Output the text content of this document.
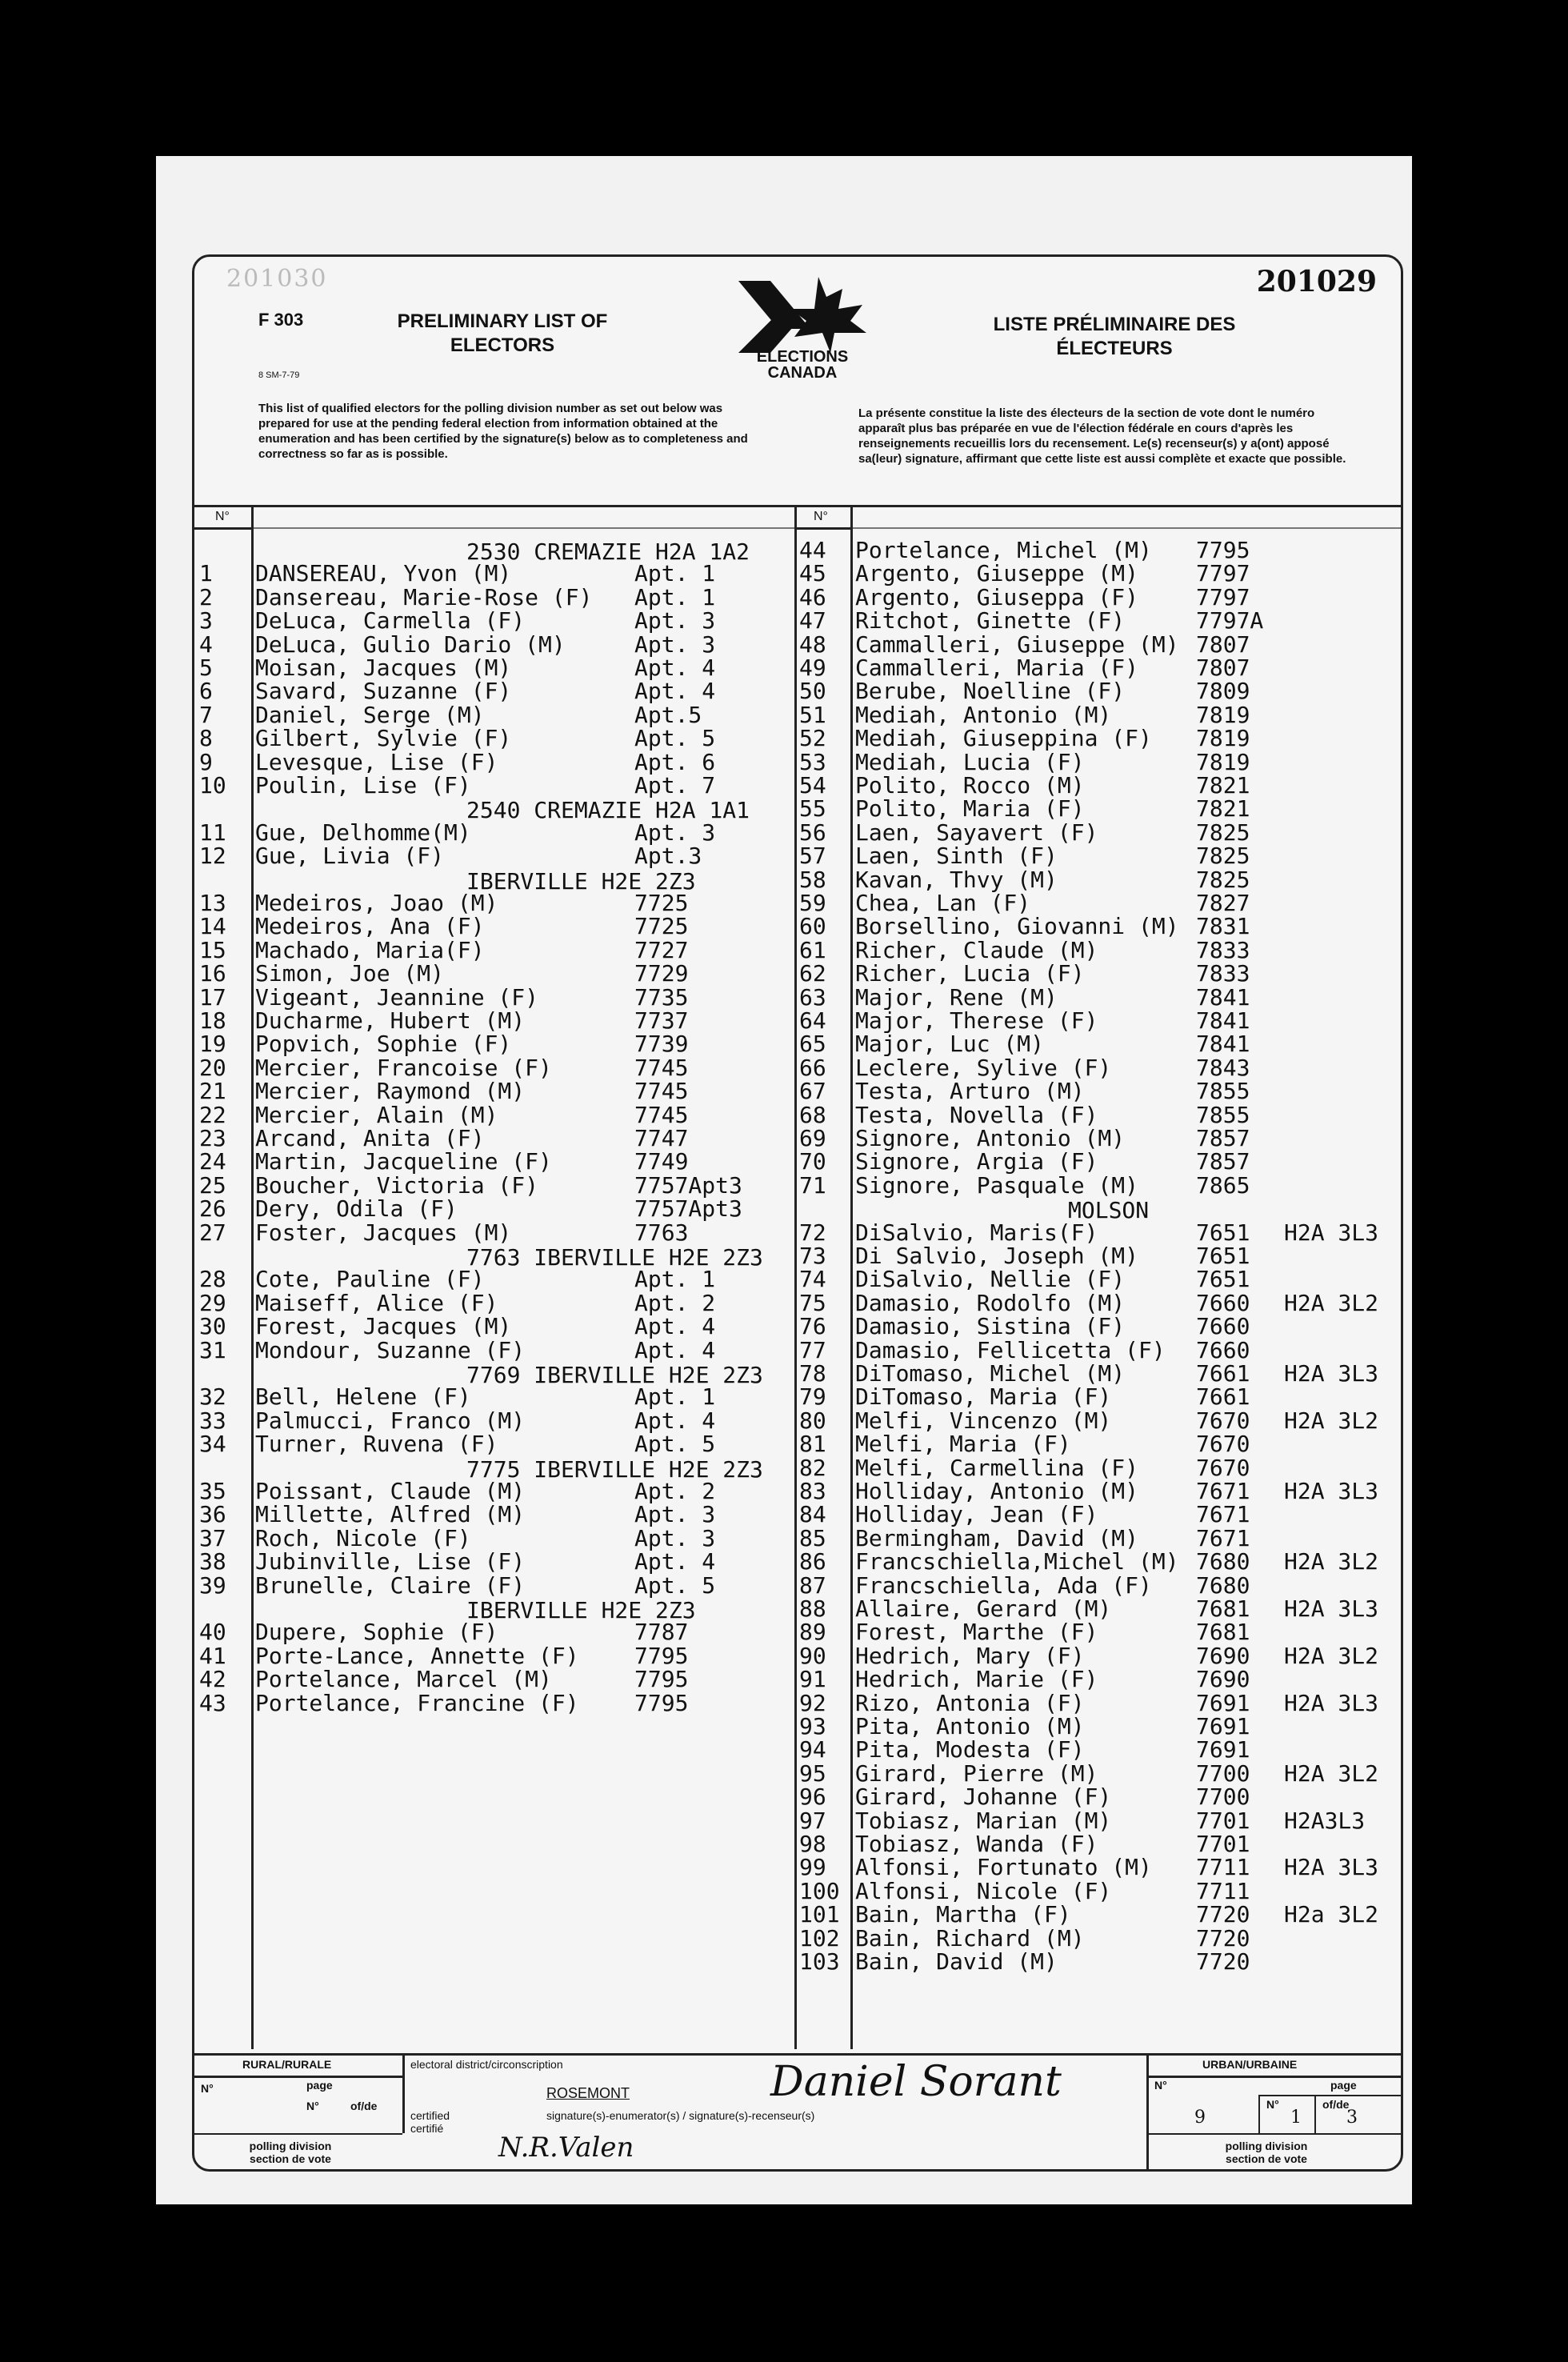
201030	201029
F 303
8 SM-7-79
PRELIMINARY LIST OF ELECTORS
ELECTIONS CANADA
LISTE PRÉLIMINAIRE DES ÉLECTEURS
This list of qualified electors for the polling division number as set out below was prepared for use at the pending federal election from information obtained at the enumeration and has been certified by the signature(s) below as to completeness and correctness so far as is possible.
La présente constitue la liste des électeurs de la section de vote dont le numéro apparaît plus bas préparée en vue de l'élection fédérale en cours d'après les renseignements recueillis lors du recensement. Le(s) recenseur(s) y a(ont) apposé sa(leur) signature, affirmant que cette liste est aussi complète et exacte que possible.
N°	N°
2530 CREMAZIE H2A 1A2
1 DANSEREAU, Yvon (M)	Apt. 1
2 Dansereau, Marie-Rose (F) Apt. 1
3 DeLuca, Carmella (F)	Apt. 3
4 DeLuca, Gulio Dario (M)	Apt. 3
5 Moisan, Jacques (M)	Apt. 4
6 Savard, Suzanne (F)	Apt. 4
7 Daniel, Serge (M)	Apt.5
8 Gilbert, Sylvie (F)	Apt. 5
9 Levesque, Lise (F)	Apt. 6
10 Poulin, Lise (F)	Apt. 7
2540 CREMAZIE H2A 1A1
11 Gue, Delhomme(M)	Apt. 3
12 Gue, Livia (F)	Apt.3
IBERVILLE H2E 2Z3
13 Medeiros, Joao (M)	7725
14 Medeiros, Ana (F)	7725
15 Machado, Maria(F)	7727
16 Simon, Joe (M)	7729
17 Vigeant, Jeannine (F)	7735
18 Ducharme, Hubert (M)	7737
19 Popvich, Sophie (F)	7739
20 Mercier, Francoise (F)	7745
21 Mercier, Raymond (M)	7745
22 Mercier, Alain (M)	7745
23 Arcand, Anita (F)	7747
24 Martin, Jacqueline (F)	7749
25 Boucher, Victoria (F)	7757Apt3
26 Dery, Odila (F)	7757Apt3
27 Foster, Jacques (M)	7763
7763 IBERVILLE H2E 2Z3
28 Cote, Pauline (F)	Apt. 1
29 Maiseff, Alice (F)	Apt. 2
30 Forest, Jacques (M)	Apt. 4
31 Mondour, Suzanne (F)	Apt. 4
7769 IBERVILLE H2E 2Z3
32 Bell, Helene (F)	Apt. 1
33 Palmucci, Franco (M)	Apt. 4
34 Turner, Ruvena (F)	Apt. 5
7775 IBERVILLE H2E 2Z3
35 Poissant, Claude (M)	Apt. 2
36 Millette, Alfred (M)	Apt. 3
37 Roch, Nicole (F)	Apt. 3
38 Jubinville, Lise (F)	Apt. 4
39 Brunelle, Claire (F)	Apt. 5
IBERVILLE H2E 2Z3
40 Dupere, Sophie (F)	7787
41 Porte-Lance, Annette (F) 7795
42 Portelance, Marcel (M)	7795
43 Portelance, Francine (F) 7795
44 Portelance, Michel (M) 7795
45 Argento, Giuseppe (M)	7797
46 Argento, Giuseppa (F)	7797
47 Ritchot, Ginette (F)	7797A
48 Cammalleri, Giuseppe (M) 7807
49 Cammalleri, Maria (F)	7807
50 Berube, Noelline (F)	7809
51 Mediah, Antonio (M)	7819
52 Mediah, Giuseppina (F) 7819
53 Mediah, Lucia (F)	7819
54 Polito, Rocco (M)	7821
55 Polito, Maria (F)	7821
56 Laen, Sayavert (F)	7825
57 Laen, Sinth (F)	7825
58 Kavan, Thvy (M)	7825
59 Chea, Lan (F)	7827
60 Borsellino, Giovanni (M) 7831
61 Richer, Claude (M)	7833
62 Richer, Lucia (F)	7833
63 Major, Rene (M)	7841
64 Major, Therese (F)	7841
65 Major, Luc (M)	7841
66 Leclere, Sylive (F)	7843
67 Testa, Arturo (M)	7855
68 Testa, Novella (F)	7855
69 Signore, Antonio (M)	7857
70 Signore, Argia (F)	7857
71 Signore, Pasquale (M)	7865
MOLSON
72 DiSalvio, Maris(F)	7651 H2A 3L3
73 Di Salvio, Joseph (M)	7651
74 DiSalvio, Nellie (F)	7651
75 Damasio, Rodolfo (M)	7660 H2A 3L2
76 Damasio, Sistina (F)	7660
77 Damasio, Fellicetta (F) 7660
78 DiTomaso, Michel (M)	7661 H2A 3L3
79 DiTomaso, Maria (F)	7661
80 Melfi, Vincenzo (M)	7670 H2A 3L2
81 Melfi, Maria (F)	7670
82 Melfi, Carmellina (F)	7670
83 Holliday, Antonio (M)	7671 H2A 3L3
84 Holliday, Jean (F)	7671
85 Bermingham, David (M)	7671
86 Francschiella,Michel (M) 7680 H2A 3L2
87 Francschiella, Ada (F) 7680
88 Allaire, Gerard (M)	7681 H2A 3L3
89 Forest, Marthe (F)	7681
90 Hedrich, Mary (F)	7690 H2A 3L2
91 Hedrich, Marie (F)	7690
92 Rizo, Antonia (F)	7691 H2A 3L3
93 Pita, Antonio (M)	7691
94 Pita, Modesta (F)	7691
95 Girard, Pierre (M)	7700 H2A 3L2
96 Girard, Johanne (F)	7700
97 Tobiasz, Marian (M)	7701 H2A3L3
98 Tobiasz, Wanda (F)	7701
99 Alfonsi, Fortunato (M) 7711 H2A 3L3
100 Alfonsi, Nicole (F)	7711
101 Bain, Martha (F)	7720 H2a 3L2
102 Bain, Richard (M)	7720
103 Bain, David (M)	7720
RURAL/RURALE	URBAN/URBAINE
electoral district/circonscription
N°	page
N°	of/de
polling division section de vote
certified certifié
ROSEMONT
signature(s)-enumerator(s) / signature(s)-recenseur(s)
Daniel Sorant
N.R.Valen
N°	page
N°	of/de
9	1	3
polling division section de vote
